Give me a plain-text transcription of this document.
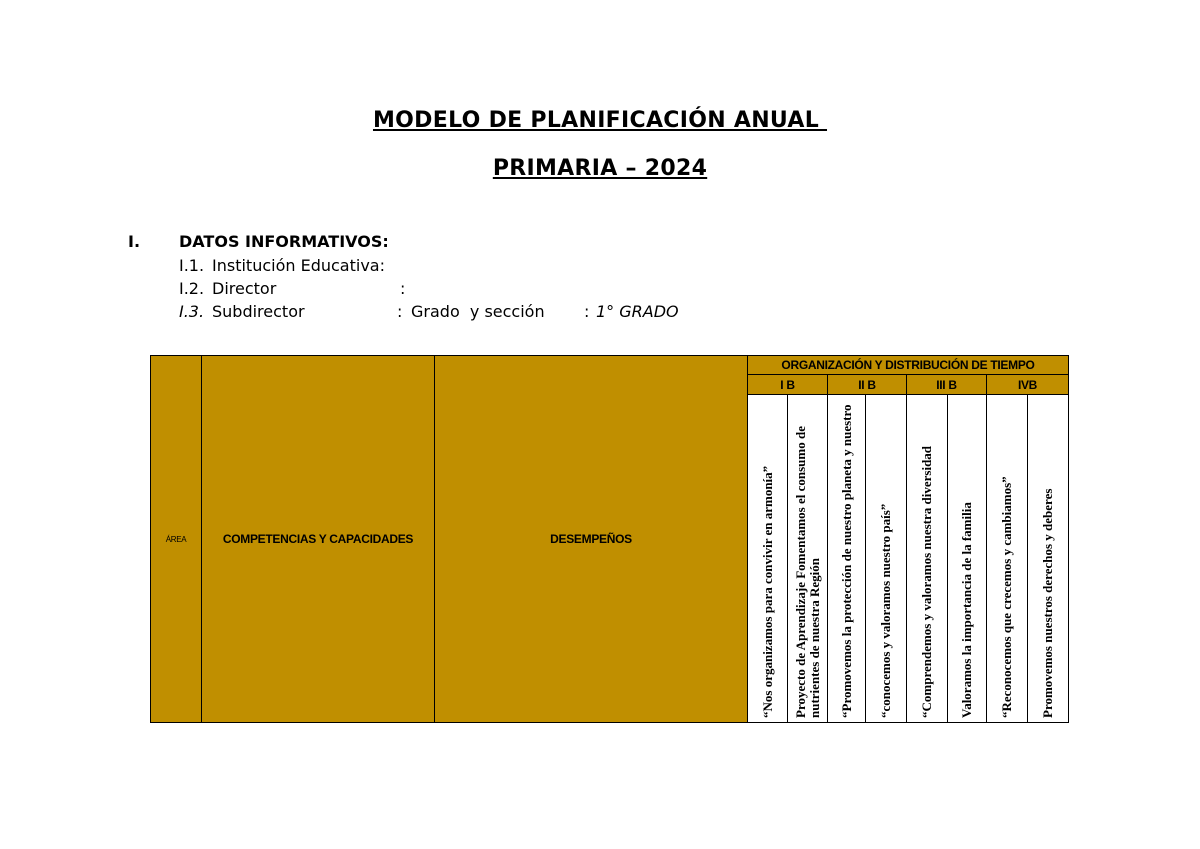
MODELO DE PLANIFICACIÓN ANUAL
PRIMARIA – 2024
I. DATOS INFORMATIVOS:
I.1. Institución Educativa:
I.2. Director	:
I.3. Subdirector	: Grado  y sección : 1° GRADO
ÁREA	COMPETENCIAS Y CAPACIDADES	DESEMPEÑOS	ORGANIZACIÓN Y DISTRIBUCIÓN DE TIEMPO							
			I B		II B		III B		IVB	

			“Nos organizamos para convivir en armonía”	Proyecto de Aprendizaje Fomentamos el consumo de nutrientes de nuestra Región	“Promovemos la protección de nuestro planeta y nuestro	“conocemos y valoramos nuestro país”	“Comprendemos y valoramos nuestra diversidad	Valoramos la importancia de la familia	“Reconocemos que crecemos y cambiamos”	Promovemos nuestros derechos y deberes
